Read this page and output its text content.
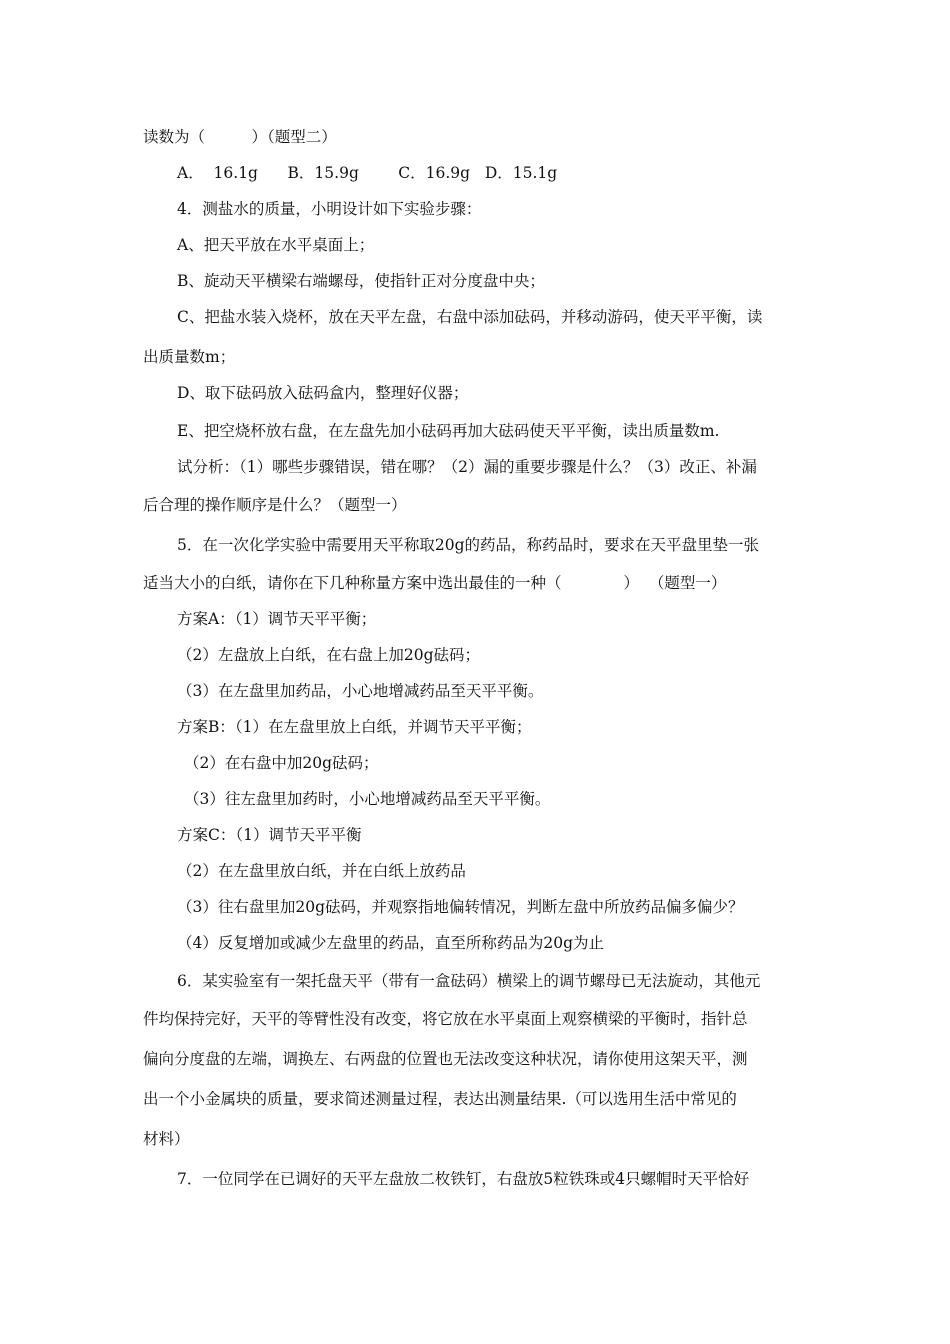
读数为（　　　）（题型二）
A．  16.1g      B．15.9g        C．16.9g   D．15.1g
4．测盐水的质量，小明设计如下实验步骤：
A、把天平放在水平桌面上；
B、旋动天平横梁右端螺母，使指针正对分度盘中央；
C、把盐水装入烧杯，放在天平左盘，右盘中添加砝码，并移动游码，使天平平衡，读
出质量数m；
D、取下砝码放入砝码盒内，整理好仪器；
E、把空烧杯放右盘，在左盘先加小砝码再加大砝码使天平平衡，读出质量数m.
试分析：（1）哪些步骤错误，错在哪？（2）漏的重要步骤是什么？（3）改正、补漏
后合理的操作顺序是什么？（题型一）
5．在一次化学实验中需要用天平称取20g的药品，称药品时，要求在天平盘里垫一张
适当大小的白纸，请你在下几种称量方案中选出最佳的一种（　　　　）  （题型一）
方案A：（1）调节天平平衡；
（2）左盘放上白纸，在右盘上加20g砝码；
（3）在左盘里加药品，小心地增减药品至天平平衡。
方案B：（1）在左盘里放上白纸，并调节天平平衡；
（2）在右盘中加20g砝码；
（3）往左盘里加药时，小心地增减药品至天平平衡。
方案C：（1）调节天平平衡
（2）在左盘里放白纸，并在白纸上放药品
（3）往右盘里加20g砝码，并观察指地偏转情况，判断左盘中所放药品偏多偏少？
（4）反复增加或减少左盘里的药品，直至所称药品为20g为止
6．某实验室有一架托盘天平（带有一盒砝码）横梁上的调节螺母已无法旋动，其他元
件均保持完好，天平的等臂性没有改变，将它放在水平桌面上观察横梁的平衡时，指针总
偏向分度盘的左端，调换左、右两盘的位置也无法改变这种状况，请你使用这架天平，测
出一个小金属块的质量，要求简述测量过程，表达出测量结果.（可以选用生活中常见的
材料）
7．一位同学在已调好的天平左盘放二枚铁钉，右盘放5粒铁珠或4只螺帽时天平恰好
